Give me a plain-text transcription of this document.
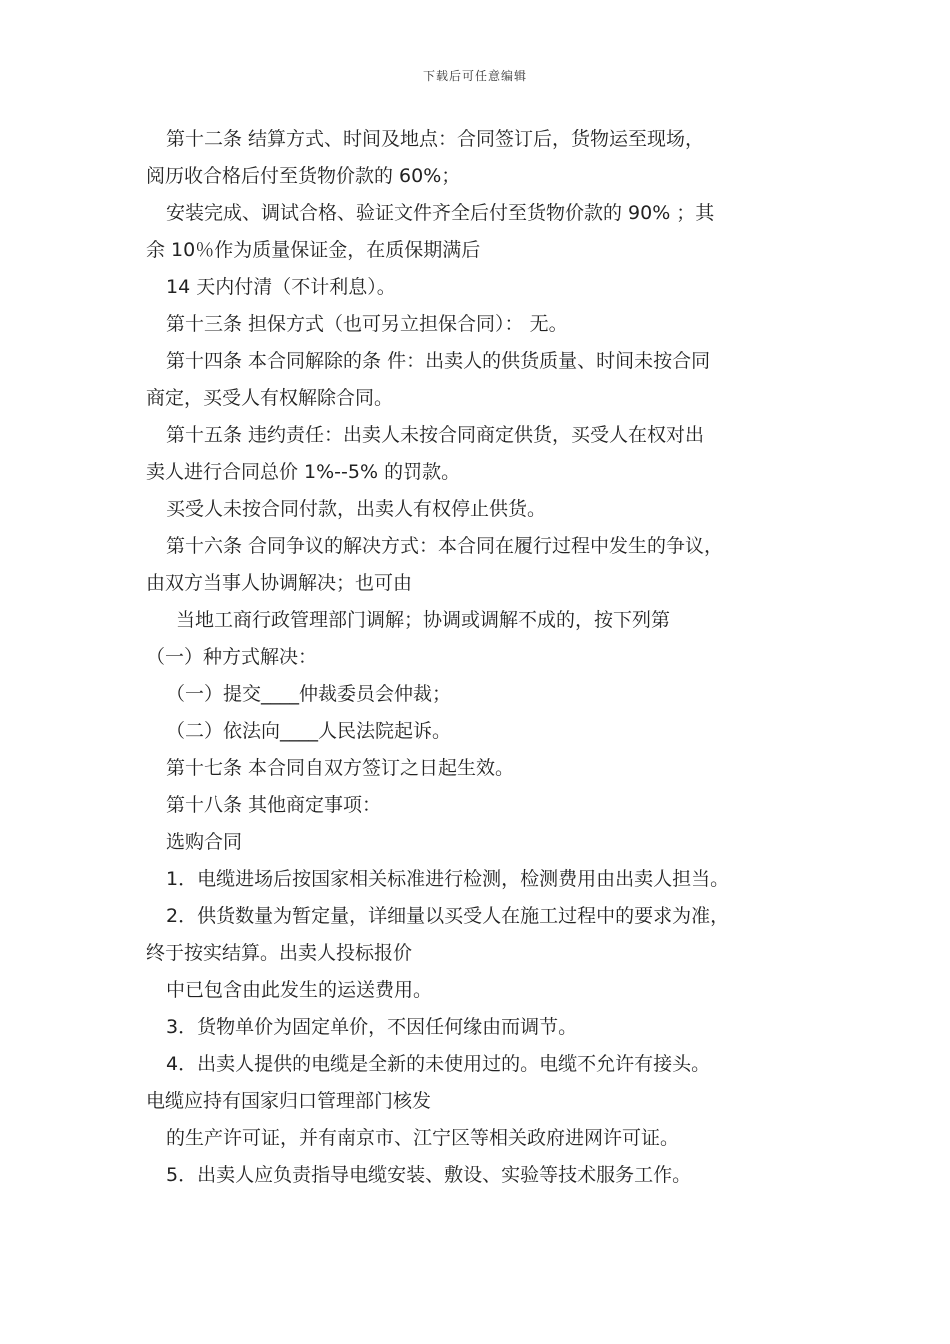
下载后可任意编辑

第十二条 结算方式、时间及地点：合同签订后，货物运至现场，

阅历收合格后付至货物价款的 60%；

安装完成、调试合格、验证文件齐全后付至货物价款的 90% ；其

余 10％作为质量保证金，在质保期满后

14 天内付清（不计利息）。

第十三条 担保方式（也可另立担保合同）： 无。

第十四条 本合同解除的条 件：出卖人的供货质量、时间未按合同

商定，买受人有权解除合同。

第十五条 违约责任：出卖人未按合同商定供货，买受人在权对出

卖人进行合同总价 1%--5% 的罚款。

买受人未按合同付款，出卖人有权停止供货。

第十六条 合同争议的解决方式：本合同在履行过程中发生的争议，

由双方当事人协调解决；也可由

当地工商行政管理部门调解；协调或调解不成的，按下列第

（一）种方式解决：

（一）提交____仲裁委员会仲裁；

（二）依法向____人民法院起诉。

第十七条 本合同自双方签订之日起生效。

第十八条 其他商定事项：

选购合同

1．电缆进场后按国家相关标准进行检测，检测费用由出卖人担当。

2．供货数量为暂定量，详细量以买受人在施工过程中的要求为准，

终于按实结算。出卖人投标报价

中已包含由此发生的运送费用。

3．货物单价为固定单价，不因任何缘由而调节。

4．出卖人提供的电缆是全新的未使用过的。电缆不允许有接头。

电缆应持有国家归口管理部门核发

的生产许可证，并有南京市、江宁区等相关政府进网许可证。

5．出卖人应负责指导电缆安装、敷设、实验等技术服务工作。
